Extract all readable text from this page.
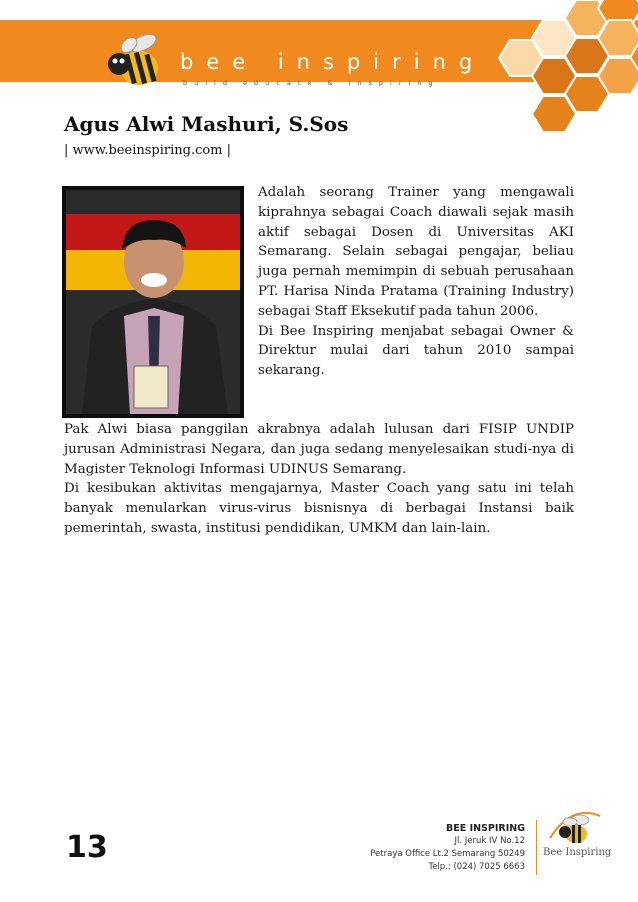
bee inspiring
build educate & inspiring
Agus Alwi Mashuri, S.Sos
| www.beeinspiring.com |

Adalah seorang Trainer yang mengawali kiprahnya sebagai Coach diawali sejak masih aktif sebagai Dosen di Universitas AKI Semarang. Selain sebagai pengajar, beliau juga pernah memimpin di sebuah perusahaan PT. Harisa Ninda Pratama (Training Industry) sebagai Staff Eksekutif pada tahun 2006.

Di Bee Inspiring menjabat sebagai Owner & Direktur mulai dari tahun 2010 sampai sekarang.

Pak Alwi biasa panggilan akrabnya adalah lulusan dari FISIP UNDIP jurusan Administrasi Negara, dan juga sedang menyelesaikan studi-nya di Magister Teknologi Informasi UDINUS Semarang.

Di kesibukan aktivitas mengajarnya, Master Coach yang satu ini telah banyak menularkan virus-virus bisnisnya di berbagai Instansi baik pemerintah, swasta, institusi pendidikan, UMKM dan lain-lain.

13
BEE INSPIRING
Jl. Jeruk IV No.12
Petraya Office Lt.2 Semarang 50249
Telp.: (024) 7025 6663
Bee Inspiring
